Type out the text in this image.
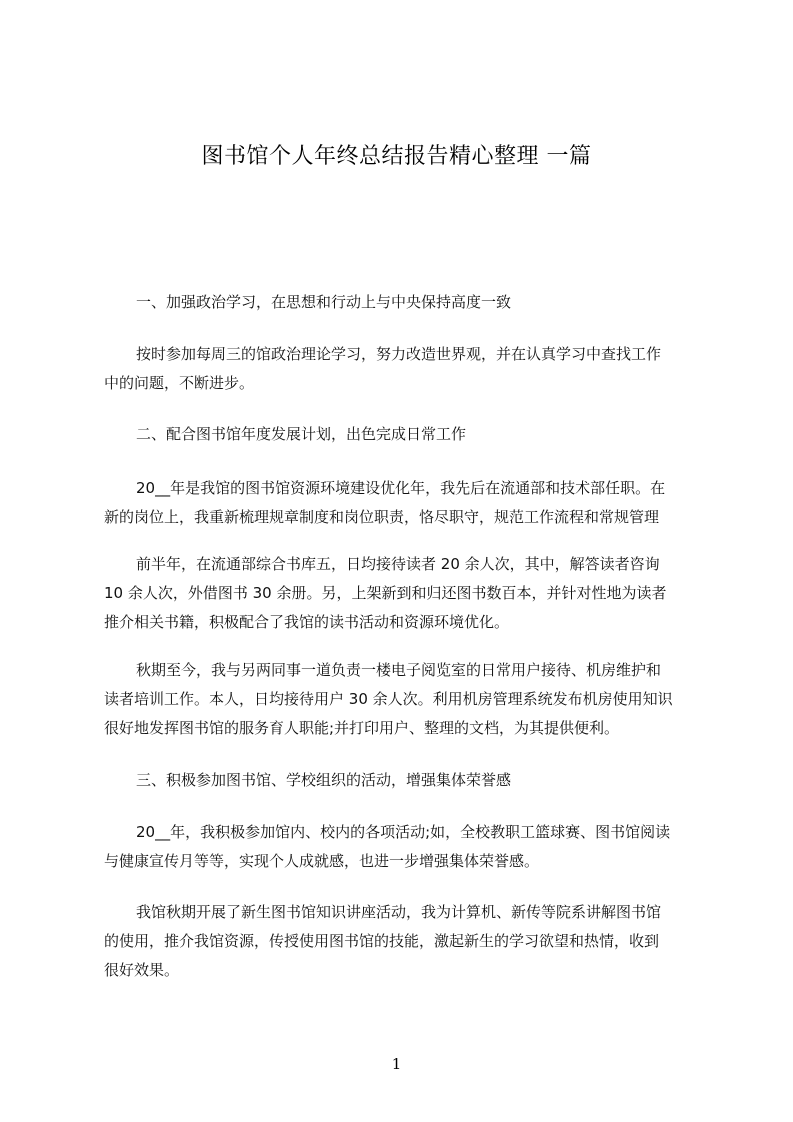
图书馆个人年终总结报告精心整理 一篇
一、加强政治学习，在思想和行动上与中央保持高度一致
按时参加每周三的馆政治理论学习，努力改造世界观，并在认真学习中查找工作
中的问题，不断进步。
二、配合图书馆年度发展计划，出色完成日常工作
20__年是我馆的图书馆资源环境建设优化年，我先后在流通部和技术部任职。在
新的岗位上，我重新梳理规章制度和岗位职责，恪尽职守，规范工作流程和常规管理
前半年，在流通部综合书库五，日均接待读者 20 余人次，其中，解答读者咨询
10 余人次，外借图书 30 余册。另，上架新到和归还图书数百本，并针对性地为读者
推介相关书籍，积极配合了我馆的读书活动和资源环境优化。
秋期至今，我与另两同事一道负责一楼电子阅览室的日常用户接待、机房维护和
读者培训工作。本人，日均接待用户 30 余人次。利用机房管理系统发布机房使用知识
很好地发挥图书馆的服务育人职能;并打印用户、整理的文档，为其提供便利。
三、积极参加图书馆、学校组织的活动，增强集体荣誉感
20__年，我积极参加馆内、校内的各项活动;如，全校教职工篮球赛、图书馆阅读
与健康宣传月等等，实现个人成就感，也进一步增强集体荣誉感。
我馆秋期开展了新生图书馆知识讲座活动，我为计算机、新传等院系讲解图书馆
的使用，推介我馆资源，传授使用图书馆的技能，激起新生的学习欲望和热情，收到
很好效果。
1
